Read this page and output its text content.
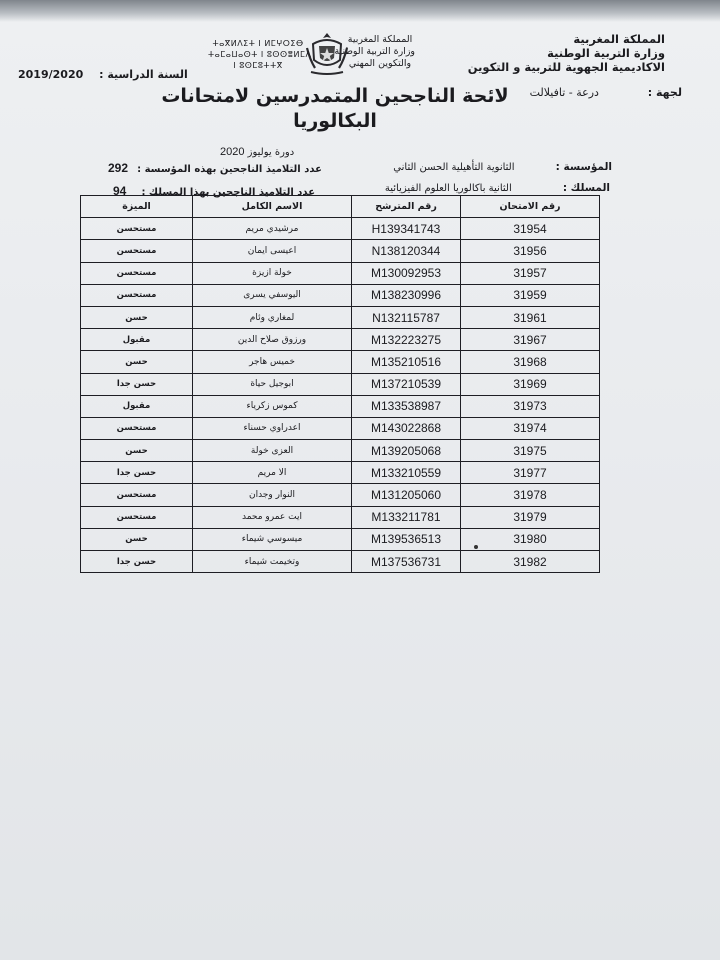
المملكة المغربية
وزارة التربية الوطنية
الاكاديمية الجهوية للتربية و التكوين
المملكة المغربية
وزارة التربية الوطنية
والتكوين المهني
ⵜⴰⴳⵍⴷⵉⵜ ⵏ ⵍⵎⵖⵔⵉⴱ
ⵜⴰⵎⴰⵡⴰⵙⵜ ⵏ ⵓⵙⵙⴻⵍⵎⴷ
ⵏ ⵓⵙⵎⵓⵜⵜⴳ
2019/2020 السنة الدراسية :
لجهة : درعة - تافيلالت
لائحة الناجحين المتمدرسين لامتحانات
البكالوريا
دورة يوليوز 2020
المؤسسة : الثانوية التأهيلية الحسن الثاني
المسلك : الثانية باكالوريا العلوم الفيزيائية
عدد التلاميذ الناجحين بهذه المؤسسة : 292
عدد التلاميذ الناجحين بهذا المسلك : 94
رقم الامتحان	رقم المترشح	الاسم الكامل	الميزة
31954	H139341743	مرشيدي مريم	مستحسن
31956	N138120344	اعيسى ايمان	مستحسن
31957	M130092953	خولة ازيزة	مستحسن
31959	M138230996	اليوسفي يسرى	مستحسن
31961	N132115787	لمغاري وئام	حسن
31967	M132223275	ورزوق صلاح الدين	مقبول
31968	M135210516	خميس هاجر	حسن
31969	M137210539	ابوجيل حياة	حسن جدا
31973	M133538987	كموس زكرياء	مقبول
31974	M143022868	اعدراوي حسناء	مستحسن
31975	M139205068	العزى خولة	حسن
31977	M133210559	الا مريم	حسن جدا
31978	M131205060	النوار وجدان	مستحسن
31979	M133211781	ايت عمرو محمد	مستحسن
31980	M139536513	ميسوسي شيماء	حسن
31982	M137536731	وتخيمت شيماء	حسن جدا
